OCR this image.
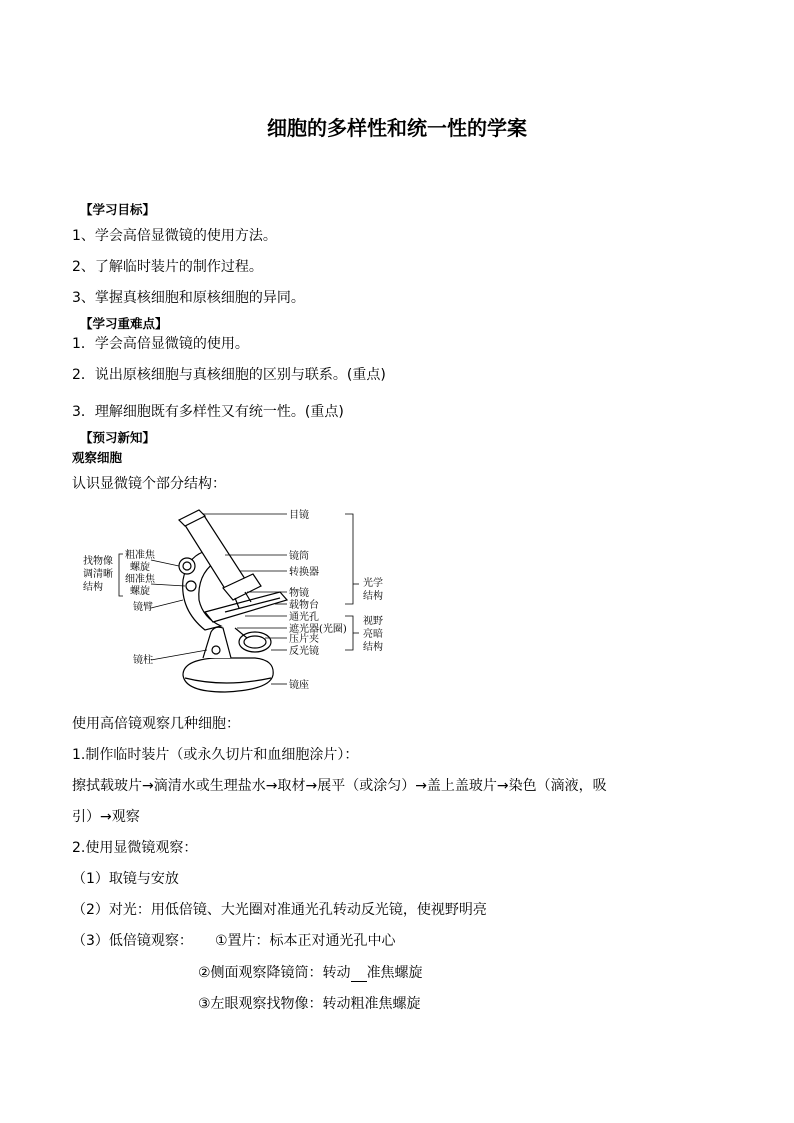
细胞的多样性和统一性的学案
【学习目标】
1、学会高倍显微镜的使用方法。
2、了解临时装片的制作过程。
3、掌握真核细胞和原核细胞的异同。
【学习重难点】
1．学会高倍显微镜的使用。
2．说出原核细胞与真核细胞的区别与联系。(重点)
3．理解细胞既有多样性又有统一性。(重点)
【预习新知】
观察细胞
认识显微镜个部分结构：
找物像
调清晰
结构
粗准焦
螺旋
细准焦
螺旋
镜臂
镜柱
目镜
镜筒
转换器
物镜
载物台
通光孔
遮光器(光圈)
压片夹
反光镜
镜座
光学
结构
视野
亮暗
结构
使用高倍镜观察几种细胞：
1.制作临时装片（或永久切片和血细胞涂片）：
擦拭载玻片→滴清水或生理盐水→取材→展平（或涂匀）→盖上盖玻片→染色（滴液，吸
引）→观察
2.使用显微镜观察：
（1）取镜与安放
（2）对光：用低倍镜、大光圈对准通光孔转动反光镜，使视野明亮
（3）低倍镜观察： ①置片：标本正对通光孔中心
②侧面观察降镜筒：转动 准焦螺旋
③左眼观察找物像：转动粗准焦螺旋
